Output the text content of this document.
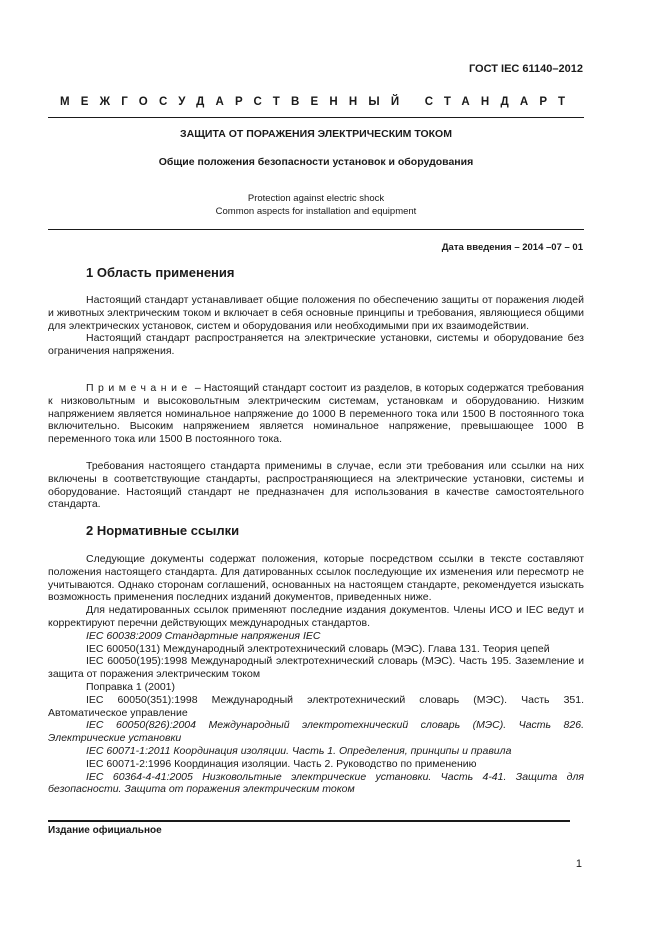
ГОСТ IEC 61140–2012
МЕЖГОСУДАРСТВЕННЫЙ СТАНДАРТ
ЗАЩИТА ОТ ПОРАЖЕНИЯ ЭЛЕКТРИЧЕСКИМ ТОКОМ
Общие положения безопасности установок и оборудования
Protection against electric shock
Common aspects for installation and equipment
Дата введения – 2014 –07 – 01
1 Область применения

Настоящий стандарт устанавливает общие положения по обеспечению защиты от поражения людей и животных электрическим током и включает в себя основные принципы и требования, являющиеся общими для электрических установок, систем и оборудования или необходимыми при их взаимодействии.

Настоящий стандарт распространяется на электрические установки, системы и оборудование без ограничения напряжения.

Примечание – Настоящий стандарт состоит из разделов, в которых содержатся требования к низковольтным и высоковольтным электрическим системам, установкам и оборудованию. Низким напряжением является номинальное напряжение до 1000 В переменного тока или 1500 В постоянного тока включительно. Высоким напряжением является номинальное напряжение, превышающее 1000 В переменного тока или 1500 В постоянного тока.

Требования настоящего стандарта применимы в случае, если эти требования или ссылки на них включены в соответствующие стандарты, распространяющиеся на электрические установки, системы и оборудование. Настоящий стандарт не предназначен для использования в качестве самостоятельного стандарта.

2 Нормативные ссылки

Следующие документы содержат положения, которые посредством ссылки в тексте составляют положения настоящего стандарта. Для датированных ссылок последующие их изменения или пересмотр не учитываются. Однако сторонам соглашений, основанных на настоящем стандарте, рекомендуется изыскать возможность применения последних изданий документов, приведенных ниже.

Для недатированных ссылок применяют последние издания документов. Члены ИСО и IEC ведут и корректируют перечни действующих международных стандартов.

IEC 60038:2009 Стандартные напряжения IEC

IEC 60050(131) Международный электротехнический словарь (МЭС). Глава 131. Теория цепей

IEC 60050(195):1998 Международный электротехнический словарь (МЭС). Часть 195. Заземление и защита от поражения электрическим током

Поправка 1 (2001)

IEC 60050(351):1998 Международный электротехнический словарь (МЭС). Часть 351. Автоматическое управление

IEC 60050(826):2004 Международный электротехнический словарь (МЭС). Часть 826. Электрические установки

IEC 60071-1:2011 Координация изоляции. Часть 1. Определения, принципы и правила

IEC 60071-2:1996 Координация изоляции. Часть 2. Руководство по применению

IEC 60364-4-41:2005 Низковольтные электрические установки. Часть 4-41. Защита для безопасности. Защита от поражения электрическим током

Издание официальное
1
